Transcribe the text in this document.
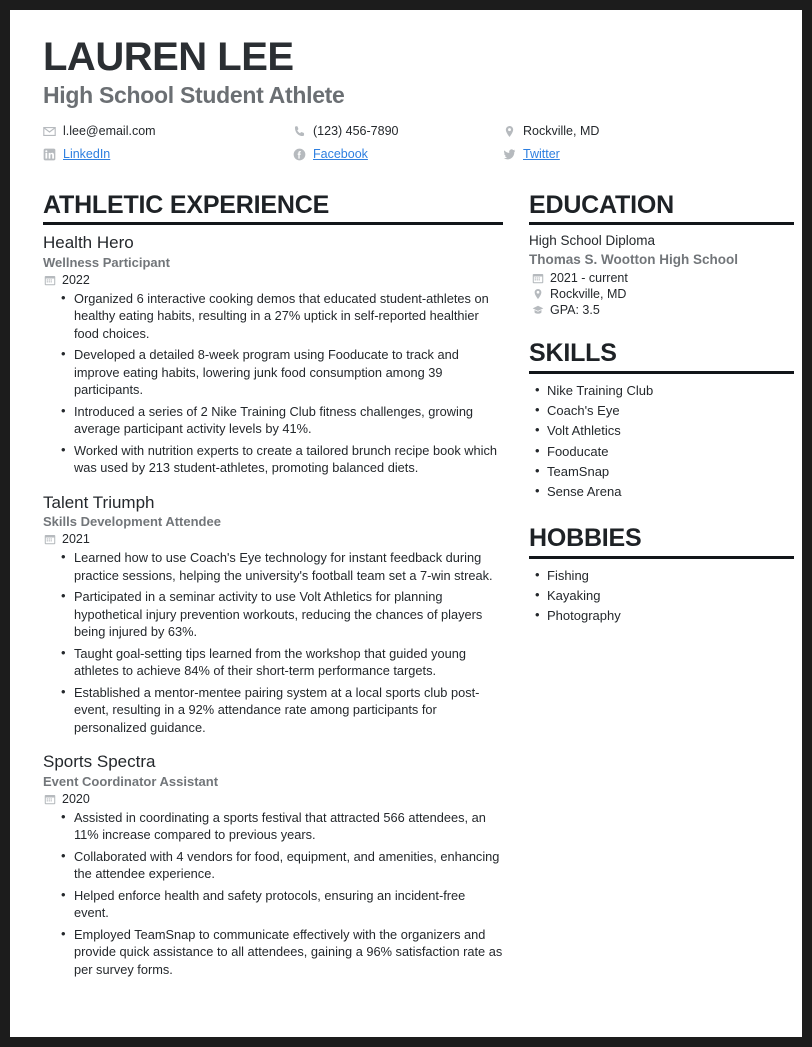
LAUREN LEE
High School Student Athlete
l.lee@email.com	(123) 456-7890	Rockville, MD
LinkedIn	Facebook	Twitter
ATHLETIC EXPERIENCE
Health Hero
Wellness Participant
2022
• Organized 6 interactive cooking demos that educated student-athletes on healthy eating habits, resulting in a 27% uptick in self-reported healthier food choices.
• Developed a detailed 8-week program using Fooducate to track and improve eating habits, lowering junk food consumption among 39 participants.
• Introduced a series of 2 Nike Training Club fitness challenges, growing average participant activity levels by 41%.
• Worked with nutrition experts to create a tailored brunch recipe book which was used by 213 student-athletes, promoting balanced diets.
Talent Triumph
Skills Development Attendee
2021
• Learned how to use Coach's Eye technology for instant feedback during practice sessions, helping the university's football team set a 7-win streak.
• Participated in a seminar activity to use Volt Athletics for planning hypothetical injury prevention workouts, reducing the chances of players being injured by 63%.
• Taught goal-setting tips learned from the workshop that guided young athletes to achieve 84% of their short-term performance targets.
• Established a mentor-mentee pairing system at a local sports club post-event, resulting in a 92% attendance rate among participants for personalized guidance.
Sports Spectra
Event Coordinator Assistant
2020
• Assisted in coordinating a sports festival that attracted 566 attendees, an 11% increase compared to previous years.
• Collaborated with 4 vendors for food, equipment, and amenities, enhancing the attendee experience.
• Helped enforce health and safety protocols, ensuring an incident-free event.
• Employed TeamSnap to communicate effectively with the organizers and provide quick assistance to all attendees, gaining a 96% satisfaction rate as per survey forms.
EDUCATION
High School Diploma
Thomas S. Wootton High School
2021 - current
Rockville, MD
GPA: 3.5
SKILLS
• Nike Training Club
• Coach's Eye
• Volt Athletics
• Fooducate
• TeamSnap
• Sense Arena
HOBBIES
• Fishing
• Kayaking
• Photography
